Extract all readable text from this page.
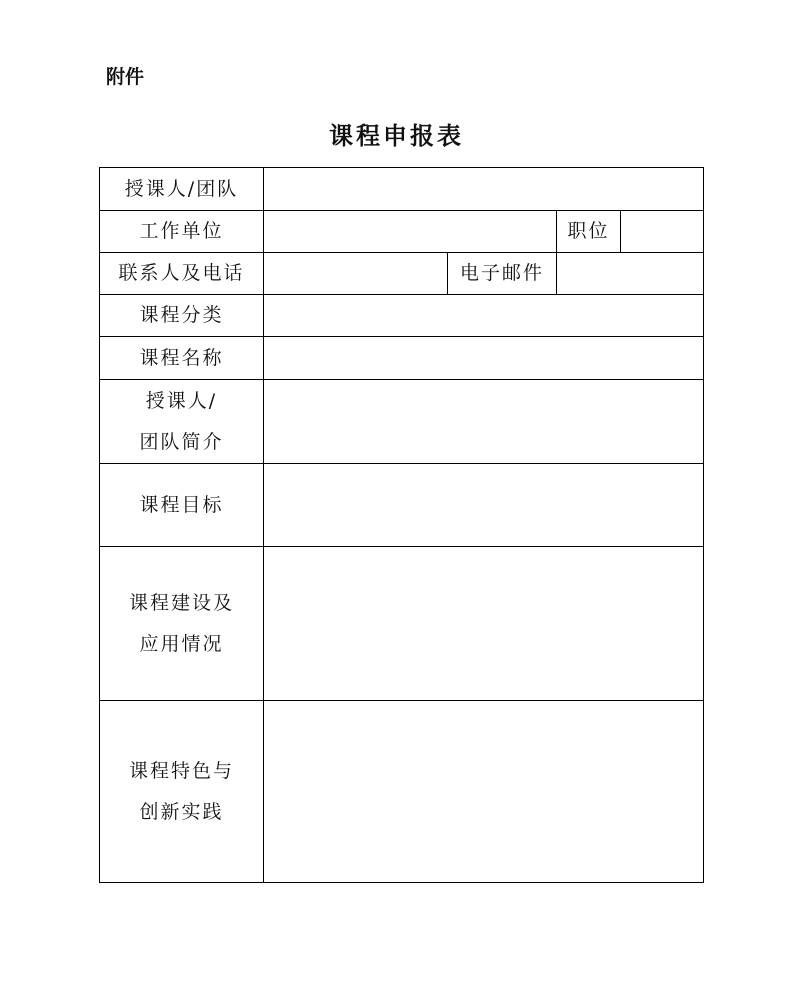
附件
课程申报表
授课人/团队
工作单位	职位
联系人及电话	电子邮件
课程分类
课程名称
授课人/
团队简介
课程目标
课程建设及
应用情况
课程特色与
创新实践
